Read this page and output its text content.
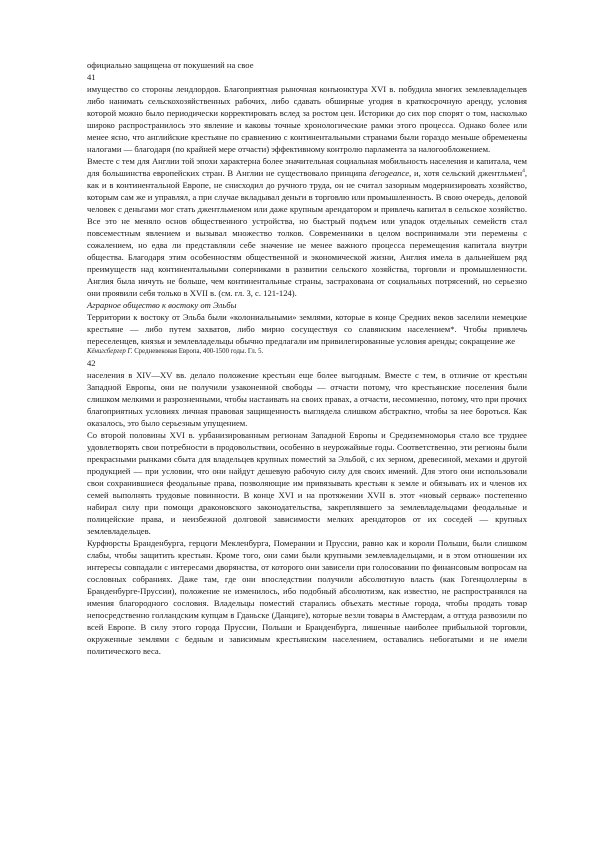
официально защищена от покушений на свое

41

имущество со стороны лендлордов. Благоприятная рыночная конъюнктура XVI в. побудила многих землевладельцев либо нанимать сельскохозяйственных рабочих, либо сдавать обширные угодия в краткосрочную аренду, условия которой можно было периодически корректировать вслед за ростом цен. Историки до сих пор спорят о том, насколько широко распространилось это явление и каковы точные хронологические рамки этого процесса. Однако более или менее ясно, что английские крестьяне по сравнению с континентальными странами были гораздо меньше обременены налогами — благодаря (по крайней мере отчасти) эффективному контролю парламента за налогообложением.

Вместе с тем для Англии той эпохи характерна более значительная социальная мобильность населения и капитала, чем для большинства европейских стран. В Англии не существовало принципа derogeance, и, хотя сельский джентльмен$^4$, как и в континентальной Европе, не снисходил до ручного труда, он не считал зазорным модернизировать хозяйство, которым сам же и управлял, а при случае вкладывал деньги в торговлю или промышленность. В свою очередь, деловой человек с деньгами мог стать джентльменом или даже крупным арендатором и привлечь капитал в сельское хозяйство. Все это не меняло основ общественного устройства, но быстрый подъем или упадок отдельных семейств стал повсеместным явлением и вызывал множество толков. Современники в целом воспринимали эти перемены с сожалением, но едва ли представляли себе значение не менее важного процесса перемещения капитала внутри общества. Благодаря этим особенностям общественной и экономической жизни, Англия имела в дальнейшем ряд преимуществ над континентальными соперниками в развитии сельского хозяйства, торговли и промышленности. Англия была ничуть не больше, чем континентальные страны, застрахована от социальных потрясений, но серьезно они проявили себя только в XVII в. (см. гл. 3, с. 121-124).

Аграрное общество к востоку от Эльбы

Территории к востоку от Эльба были «колониальными» землями, которые в конце Средних веков заселили немецкие крестьяне — либо путем захватов, либо мирно сосуществуя со славянским населением*. Чтобы привлечь переселенцев, князья и землевладельцы обычно предлагали им привилегированные условия аренды; сокращение же

Кёнигсбергер Г. Средневековая Европа, 400-1500 годы. Гл. 5.

42

населения в XIV—XV вв. делало положение крестьян еще более выгодным. Вместе с тем, в отличие от крестьян Западной Европы, они не получили узаконенной свободы — отчасти потому, что крестьянские поселения были слишком мелкими и разрозненными, чтобы настаивать на своих правах, а отчасти, несомненно, потому, что при прочих благоприятных условиях личная правовая защищенность выглядела слишком абстрактно, чтобы за нее бороться. Как оказалось, это было серьезным упущением.

Со второй половины XVI в. урбанизированным регионам Западной Европы и Средиземноморья стало все труднее удовлетворять свои потребности в продовольствии, особенно в неурожайные годы. Соответственно, эти регионы были прекрасными рынками сбыта для владельцев крупных поместий за Эльбой, с их зерном, древесиной, мехами и другой продукцией — при условии, что они найдут дешевую рабочую силу для своих имений. Для этого они использовали свои сохранившиеся феодальные права, позволяющие им привязывать крестьян к земле и обязывать их и членов их семей выполнять трудовые повинности. В конце XVI и на протяжении XVII в. этот «новый серваж» постепенно набирал силу при помощи драконовского законодательства, закреплявшего за землевладельцами феодальные и полицейские права, и неизбежной долговой зависимости мелких арендаторов от их соседей — крупных землевладельцев.

Курфюрсты Бранденбурга, герцоги Мекленбурга, Померании и Пруссии, равно как и короли Польши, были слишком слабы, чтобы защитить крестьян. Кроме того, они сами были крупными землевладельцами, и в этом отношении их интересы совпадали с интересами дворянства, от которого они зависели при голосовании по финансовым вопросам на сословных собраниях. Даже там, где они впоследствии получили абсолютную власть (как Гогенцоллерны в Бранденбурге-Пруссии), положение не изменилось, ибо подобный абсолютизм, как известно, не распространялся на имения благородного сословия. Владельцы поместий старались объехать местные города, чтобы продать товар непосредственно голландским купцам в Гданьске (Данциге), которые везли товары в Амстердам, а оттуда развозили по всей Европе. В силу этого города Пруссии, Польши и Бранденбурга, лишенные наиболее прибыльной торговли, окруженные землями с бедным и зависимым крестьянским населением, оставались небогатыми и не имели политического веса.
